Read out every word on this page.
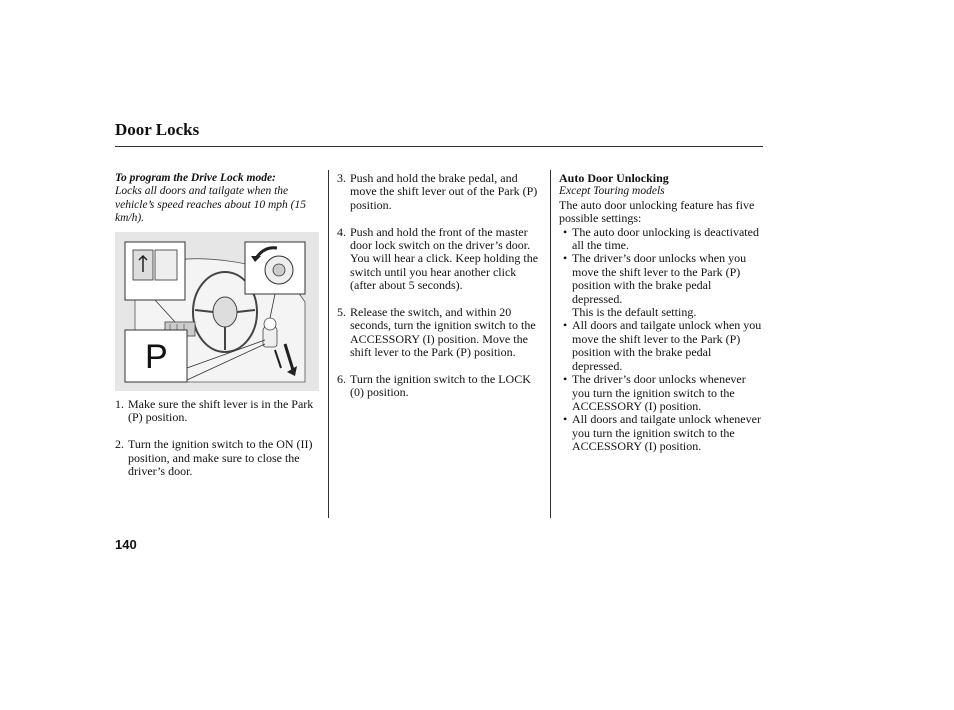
Door Locks
To program the Drive Lock mode:
Locks all doors and tailgate when the vehicle’s speed reaches about 10 mph (15 km/h).
P
1. Make sure the shift lever is in the Park (P) position.
2. Turn the ignition switch to the ON (II) position, and make sure to close the driver’s door.
3. Push and hold the brake pedal, and move the shift lever out of the Park (P) position.
4. Push and hold the front of the master door lock switch on the driver’s door. You will hear a click. Keep holding the switch until you hear another click (after about 5 seconds).
5. Release the switch, and within 20 seconds, turn the ignition switch to the ACCESSORY (I) position. Move the shift lever to the Park (P) position.
6. Turn the ignition switch to the LOCK (0) position.
Auto Door Unlocking
Except Touring models
The auto door unlocking feature has five possible settings:
• The auto door unlocking is deactivated all the time.
• The driver’s door unlocks when you move the shift lever to the Park (P) position with the brake pedal depressed.
This is the default setting.
• All doors and tailgate unlock when you move the shift lever to the Park (P) position with the brake pedal depressed.
• The driver’s door unlocks whenever you turn the ignition switch to the ACCESSORY (I) position.
• All doors and tailgate unlock whenever you turn the ignition switch to the ACCESSORY (I) position.
140
